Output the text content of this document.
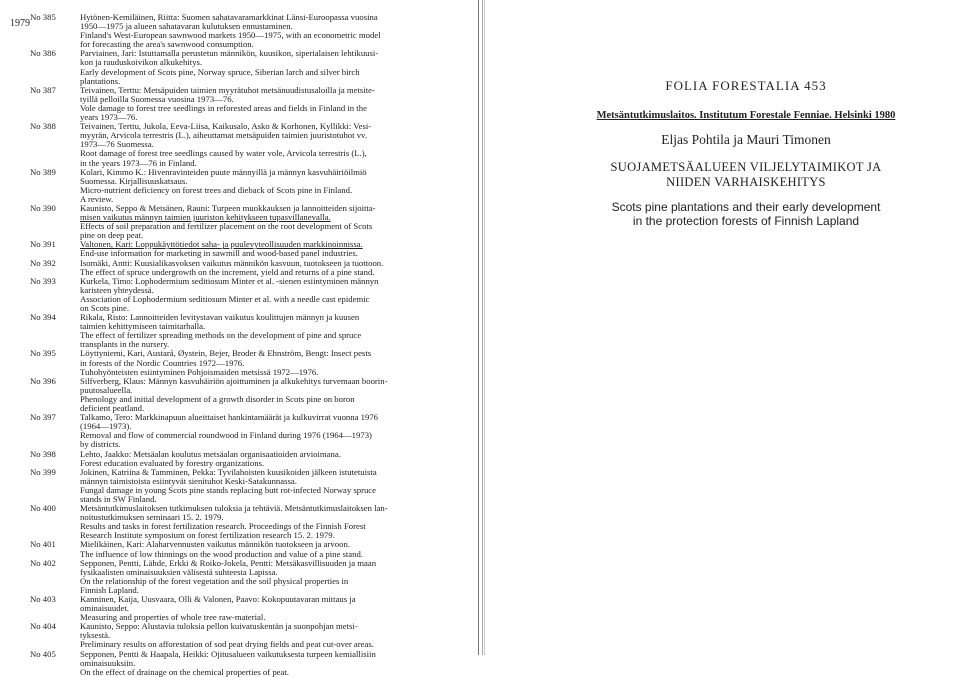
1979
No 385	Hytönen-Kemiläinen, Riitta: Suomen sahatavaramarkkinat Länsi-Euroopassa vuosina
1950—1975 ja alueen sahatavaran kulutuksen ennustaminen.
Finland's West-European sawnwood markets 1950—1975, with an econometric model
for forecasting the area's sawnwood consumption.
No 386	Parviainen, Jari: Istuttamalla perustetun männikön, kuusikon, siperialaisen lehtikuusi-
kon ja rauduskoivikon alkukehitys.
Early development of Scots pine, Norway spruce, Siberian larch and silver birch
plantations.
No 387	Teivainen, Terttu: Metsäpuiden taimien myyrätuhot metsänuudistusaloilla ja metsite-
tyillä pelloilla Suomessa vuosina 1973—76.
Vole damage to forest tree seedlings in reforested areas and fields in Finland in the
years 1973—76.
No 388	Teivainen, Terttu, Jukola, Eeva-Liisa, Kaikusalo, Asko & Korhonen, Kyllikki: Vesi-
myyrän, Arvicola terrestris (L.), aiheuttamat metsäpuiden taimien juuristotuhot vv.
1973—76 Suomessa.
Root damage of forest tree seedlings caused by water vole, Arvicola terrestris (L.),
in the years 1973—76 in Finland.
No 389	Kolari, Kimmo K.: Hivenravinteiden puute männyillä ja männyn kasvuhäiriöilmiö
Suomessa. Kirjallisuuskatsaus.
Micro-nutrient deficiency on forest trees and dieback of Scots pine in Finland.
A review.
No 390	Kaunisto, Seppo & Metsänen, Rauni: Turpeen muokkauksen ja lannoitteiden sijoitta-
misen vaikutus männyn taimien juuriston kehitykseen tupasvillanevalla.
Effects of soil preparation and fertilizer placement on the root development of Scots
pine on deep peat.
No 391	Valtonen, Kari: Loppukäyttötiedot saha- ja puulevyteollisuuden markkinoinnissa.
End-use information for marketing in sawmill and wood-based panel industries.
No 392	Isomäki, Antti: Kuusialikasvoksen vaikutus männikön kasvuun, tuotokseen ja tuottoon.
The effect of spruce undergrowth on the increment, yield and returns of a pine stand.
No 393	Kurkela, Timo: Lophodermium seditiosum Minter et al. -sienen esiintyminen männyn
karisteen yhteydessä.
Association of Lophodermium seditiosum Minter et al. with a needle cast epidemic
on Scots pine.
No 394	Rikala, Risto: Lannoitteiden levitystavan vaikutus koulittujen männyn ja kuusen
taimien kehittymiseen taimitarhalla.
The effect of fertilizer spreading methods on the development of pine and spruce
transplants in the nursery.
No 395	Löyttyniemi, Kari, Austarå, Øystein, Bejer, Broder & Ehnström, Bengt: Insect pests
in forests of the Nordic Countries 1972—1976.
Tuhohyönteisten esiintyminen Pohjoismaiden metsissä 1972—1976.
No 396	Silfverberg, Klaus: Männyn kasvuhäiriön ajoittuminen ja alkukehitys turvemaan boorin-
puutosalueella.
Phenology and initial development of a growth disorder in Scots pine on boron
deficient peatland.
No 397	Talkamo, Tero: Markkinapuun alueittaiset hankintamäärät ja kulkuvirrat vuonna 1976
(1964—1973).
Removal and flow of commercial roundwood in Finland during 1976 (1964—1973)
by districts.
No 398	Lehto, Jaakko: Metsäalan koulutus metsäalan organisaatioiden arvioimana.
Forest education evaluated by forestry organizations.
No 399	Jokinen, Katriina & Tamminen, Pekka: Tyvilahoisten kuusikoiden jälkeen istutetuista
männyn taimistoista esiintyvät sienituhot Keski-Satakunnassa.
Fungal damage in young Scots pine stands replacing butt rot-infected Norway spruce
stands in SW Finland.
No 400	Metsäntutkimuslaitoksen tutkimuksen tuloksia ja tehtäviä. Metsäntutkimuslaitoksen lan-
noitustutkimuksen seminaari 15. 2. 1979.
Results and tasks in forest fertilization research. Proceedings of the Finnish Forest
Research Institute symposium on forest fertilization research 15. 2. 1979.
No 401	Mielikäinen, Kari: Alaharvennusten vaikutus männikön tuotokseen ja arvoon.
The influence of low thinnings on the wood production and value of a pine stand.
No 402	Sepponen, Pentti, Lähde, Erkki & Roiko-Jokela, Pentti: Metsäkasvillisuuden ja maan
fysikaalisten ominaisuuksien välisestä suhteesta Lapissa.
On the relationship of the forest vegetation and the soil physical properties in
Finnish Lapland.
No 403	Kanninen, Kaija, Uusvaara, Olli & Valonen, Paavo: Kokopuutavaran mittaus ja
ominaisuudet.
Measuring and properties of whole tree raw-material.
No 404	Kaunisto, Seppo: Alustavia tuloksia pellon kuivatuskentän ja suonpohjan metsi-
tyksestä.
Preliminary results on afforestation of sod peat drying fields and peat cut-over areas.
No 405	Sepponen, Pentti & Haapala, Heikki: Ojitusalueen vaikutuksesta turpeen kemiallisiin
ominaisuuksiin.
On the effect of drainage on the chemical properties of peat.
FOLIA FORESTALIA 453
Metsäntutkimuslaitos. Institutum Forestale Fenniae. Helsinki 1980
Eljas Pohtila ja Mauri Timonen
SUOJAMETSÄALUEEN VILJELYTAIMIKOT JA
NIIDEN VARHAISKEHITYS
Scots pine plantations and their early development
in the protection forests of Finnish Lapland
